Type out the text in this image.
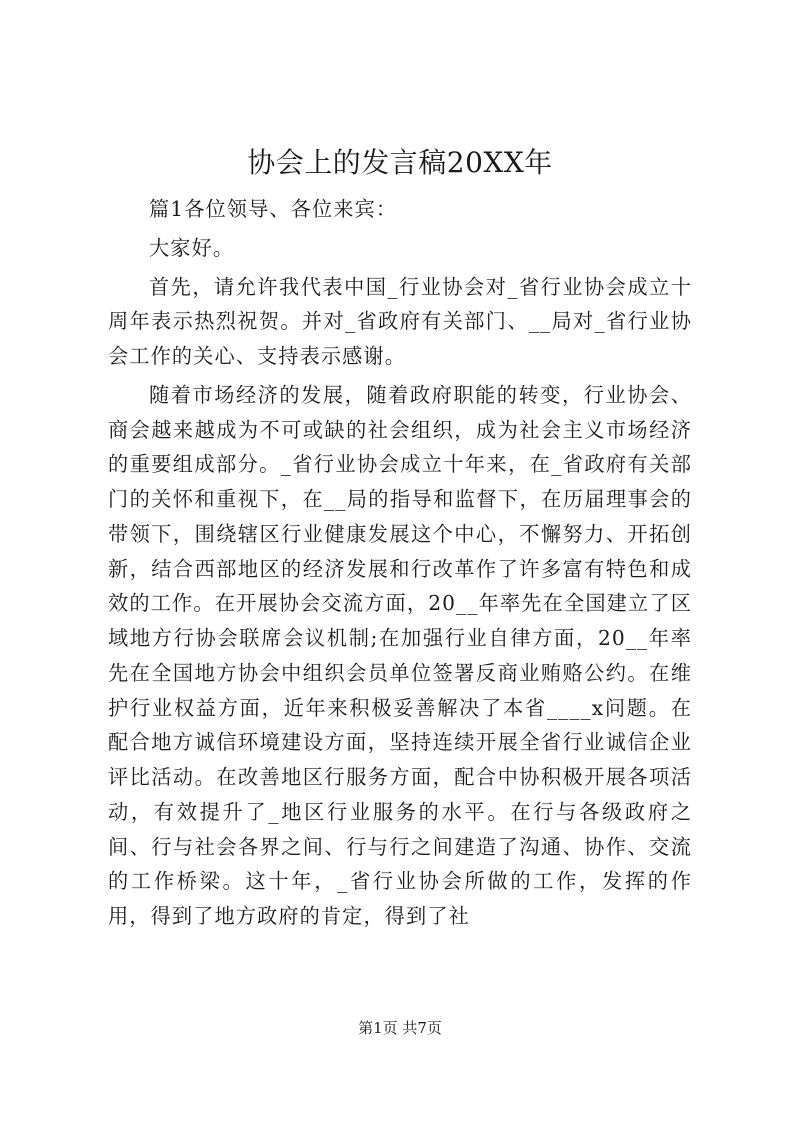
协会上的发言稿20XX年

篇1各位领导、各位来宾：

大家好。

首先，请允许我代表中国_行业协会对_省行业协会成立十周年表示热烈祝贺。并对_省政府有关部门、__局对_省行业协会工作的关心、支持表示感谢。

随着市场经济的发展，随着政府职能的转变，行业协会、商会越来越成为不可或缺的社会组织，成为社会主义市场经济的重要组成部分。_省行业协会成立十年来，在_省政府有关部门的关怀和重视下，在__局的指导和监督下，在历届理事会的带领下，围绕辖区行业健康发展这个中心，不懈努力、开拓创新，结合西部地区的经济发展和行改革作了许多富有特色和成效的工作。在开展协会交流方面，20__年率先在全国建立了区域地方行协会联席会议机制;在加强行业自律方面，20__年率先在全国地方协会中组织会员单位签署反商业贿赂公约。在维护行业权益方面，近年来积极妥善解决了本省____x问题。在配合地方诚信环境建设方面，坚持连续开展全省行业诚信企业评比活动。在改善地区行服务方面，配合中协积极开展各项活动，有效提升了_地区行业服务的水平。在行与各级政府之间、行与社会各界之间、行与行之间建造了沟通、协作、交流的工作桥梁。这十年，_省行业协会所做的工作，发挥的作用，得到了地方政府的肯定，得到了社

第1页 共7页
